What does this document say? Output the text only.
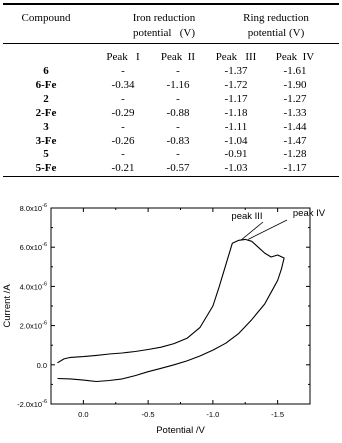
Compound	Iron reduction
potential   (V)
Ring reduction
potential (V)
Peak   I Peak  II Peak   III Peak  IV
6	-	-	-1.37	-1.61
6-Fe	-0.34	-1.16	-1.72	-1.90
2	-	-	-1.17	-1.27
2-Fe	-0.29	-0.88	-1.18	-1.33
3	-	-	-1.11	-1.44
3-Fe	-0.26	-0.83	-1.04	-1.47
5	-	-	-0.91	-1.28
5-Fe	-0.21	-0.57	-1.03	-1.17
$-2.0x10^{-6}$
0.0
$2.0x10^{-6}$
$4.0x10^{-6}$
$6.0x10^{-6}$
$8.0x10^{-6}$
0.0	-0.5	-1.0	-1.5
Potential /V
Current /A
peak III	peak IV
